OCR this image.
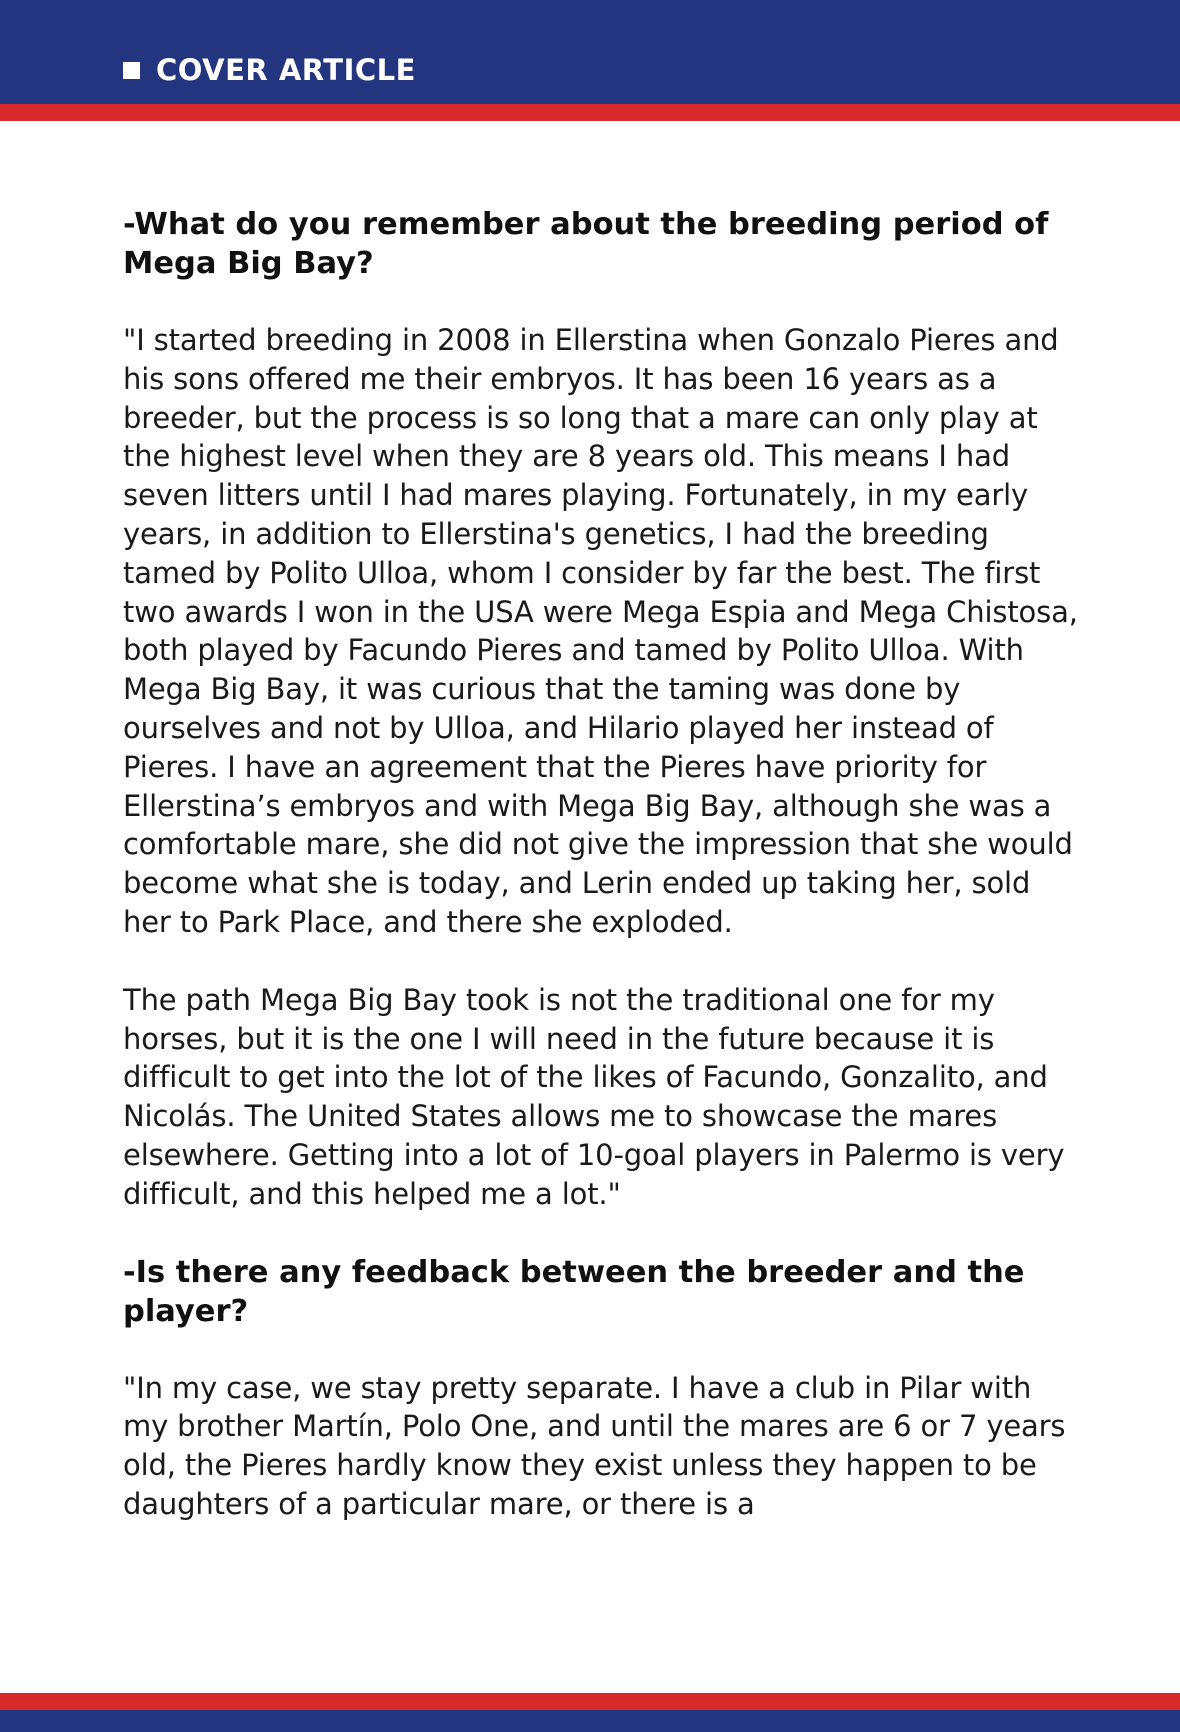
COVER ARTICLE

-What do you remember about the breeding period of Mega Big Bay?

"I started breeding in 2008 in Ellerstina when Gonzalo Pieres and his sons offered me their embryos. It has been 16 years as a breeder, but the process is so long that a mare can only play at the highest level when they are 8 years old. This means I had seven litters until I had mares playing. Fortunately, in my early years, in addition to Ellerstina's genetics, I had the breeding tamed by Polito Ulloa, whom I consider by far the best. The first two awards I won in the USA were Mega Espia and Mega Chistosa, both played by Facundo Pieres and tamed by Polito Ulloa. With Mega Big Bay, it was curious that the taming was done by ourselves and not by Ulloa, and Hilario played her instead of Pieres. I have an agreement that the Pieres have priority for Ellerstina’s embryos and with Mega Big Bay, although she was a comfortable mare, she did not give the impression that she would become what she is today, and Lerin ended up taking her, sold her to Park Place, and there she exploded.

The path Mega Big Bay took is not the traditional one for my horses, but it is the one I will need in the future because it is difficult to get into the lot of the likes of Facundo, Gonzalito, and Nicolás. The United States allows me to showcase the mares elsewhere. Getting into a lot of 10-goal players in Palermo is very difficult, and this helped me a lot."

-Is there any feedback between the breeder and the player?

"In my case, we stay pretty separate. I have a club in Pilar with my brother Martín, Polo One, and until the mares are 6 or 7 years old, the Pieres hardly know they exist unless they happen to be daughters of a particular mare, or there is a
